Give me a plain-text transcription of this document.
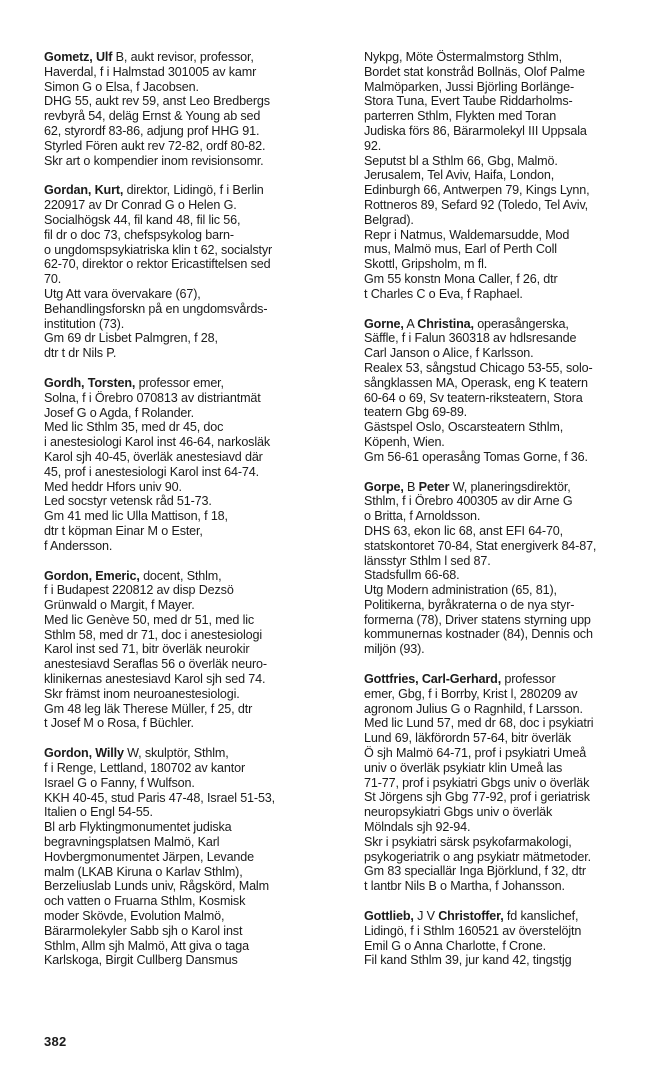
Gometz, Ulf B, aukt revisor, professor,
Haverdal, f i Halmstad 301005 av kamr
Simon G o Elsa, f Jacobsen.
DHG 55, aukt rev 59, anst Leo Bredbergs
revbyrå 54, deläg Ernst & Young ab sed
62, styrordf 83-86, adjung prof HHG 91.
Styrled Fören aukt rev 72-82, ordf 80-82.
Skr art o kompendier inom revisionsomr.
Gordan, Kurt, direktor, Lidingö, f i Berlin
220917 av Dr Conrad G o Helen G.
Socialhögsk 44, fil kand 48, fil lic 56,
fil dr o doc 73, chefspsykolog barn-
o ungdomspsykiatriska klin t 62, socialstyr
62-70, direktor o rektor Ericastiftelsen sed
70.
Utg Att vara övervakare (67),
Behandlingsforskn på en ungdomsvårds-
institution (73).
Gm 69 dr Lisbet Palmgren, f 28,
dtr t dr Nils P.
Gordh, Torsten, professor emer,
Solna, f i Örebro 070813 av distriantmät
Josef G o Agda, f Rolander.
Med lic Sthlm 35, med dr 45, doc
i anestesiologi Karol inst 46-64, narkosläk
Karol sjh 40-45, överläk anestesiavd där
45, prof i anestesiologi Karol inst 64-74.
Med heddr Hfors univ 90.
Led socstyr vetensk råd 51-73.
Gm 41 med lic Ulla Mattison, f 18,
dtr t köpman Einar M o Ester,
f Andersson.
Gordon, Emeric, docent, Sthlm,
f i Budapest 220812 av disp Dezsö
Grünwald o Margit, f Mayer.
Med lic Genève 50, med dr 51, med lic
Sthlm 58, med dr 71, doc i anestesiologi
Karol inst sed 71, bitr överläk neurokir
anestesiavd Seraflas 56 o överläk neuro-
klinikernas anestesiavd Karol sjh sed 74.
Skr främst inom neuroanestesiologi.
Gm 48 leg läk Therese Müller, f 25, dtr
t Josef M o Rosa, f Büchler.
Gordon, Willy W, skulptör, Sthlm,
f i Renge, Lettland, 180702 av kantor
Israel G o Fanny, f Wulfson.
KKH 40-45, stud Paris 47-48, Israel 51-53,
Italien o Engl 54-55.
Bl arb Flyktingmonumentet judiska
begravningsplatsen Malmö, Karl
Hovbergmonumentet Järpen, Levande
malm (LKAB Kiruna o Karlav Sthlm),
Berzeliuslab Lunds univ, Rågskörd, Malm
och vatten o Fruarna Sthlm, Kosmisk
moder Skövde, Evolution Malmö,
Bärarmolekyler Sabb sjh o Karol inst
Sthlm, Allm sjh Malmö, Att giva o taga
Karlskoga, Birgit Cullberg Dansmus
Nykpg, Möte Östermalmstorg Sthlm,
Bordet stat konstråd Bollnäs, Olof Palme
Malmöparken, Jussi Björling Borlänge-
Stora Tuna, Evert Taube Riddarholms-
parterren Sthlm, Flykten med Toran
Judiska förs 86, Bärarmolekyl III Uppsala
92.
Seputst bl a Sthlm 66, Gbg, Malmö.
Jerusalem, Tel Aviv, Haifa, London,
Edinburgh 66, Antwerpen 79, Kings Lynn,
Rottneros 89, Sefard 92 (Toledo, Tel Aviv,
Belgrad).
Repr i Natmus, Waldemarsudde, Mod
mus, Malmö mus, Earl of Perth Coll
Skottl, Gripsholm, m fl.
Gm 55 konstn Mona Caller, f 26, dtr
t Charles C o Eva, f Raphael.
Gorne, A Christina, operasångerska,
Säffle, f i Falun 360318 av hdlsresande
Carl Janson o Alice, f Karlsson.
Realex 53, sångstud Chicago 53-55, solo-
sångklassen MA, Operask, eng K teatern
60-64 o 69, Sv teatern-riksteatern, Stora
teatern Gbg 69-89.
Gästspel Oslo, Oscarsteatern Sthlm,
Köpenh, Wien.
Gm 56-61 operasång Tomas Gorne, f 36.
Gorpe, B Peter W, planeringsdirektör,
Sthlm, f i Örebro 400305 av dir Arne G
o Britta, f Arnoldsson.
DHS 63, ekon lic 68, anst EFI 64-70,
statskontoret 70-84, Stat energiverk 84-87,
länsstyr Sthlm l sed 87.
Stadsfullm 66-68.
Utg Modern administration (65, 81),
Politikerna, byråkraterna o de nya styr-
formerna (78), Driver statens styrning upp
kommunernas kostnader (84), Dennis och
miljön (93).
Gottfries, Carl-Gerhard, professor
emer, Gbg, f i Borrby, Krist l, 280209 av
agronom Julius G o Ragnhild, f Larsson.
Med lic Lund 57, med dr 68, doc i psykiatri
Lund 69, läkförordn 57-64, bitr överläk
Ö sjh Malmö 64-71, prof i psykiatri Umeå
univ o överläk psykiatr klin Umeå las
71-77, prof i psykiatri Gbgs univ o överläk
St Jörgens sjh Gbg 77-92, prof i geriatrisk
neuropsykiatri Gbgs univ o överläk
Mölndals sjh 92-94.
Skr i psykiatri särsk psykofarmakologi,
psykogeriatrik o ang psykiatr mätmetoder.
Gm 83 speciallär Inga Björklund, f 32, dtr
t lantbr Nils B o Martha, f Johansson.
Gottlieb, J V Christoffer, fd kanslichef,
Lidingö, f i Sthlm 160521 av överstelöjtn
Emil G o Anna Charlotte, f Crone.
Fil kand Sthlm 39, jur kand 42, tingstjg
382
